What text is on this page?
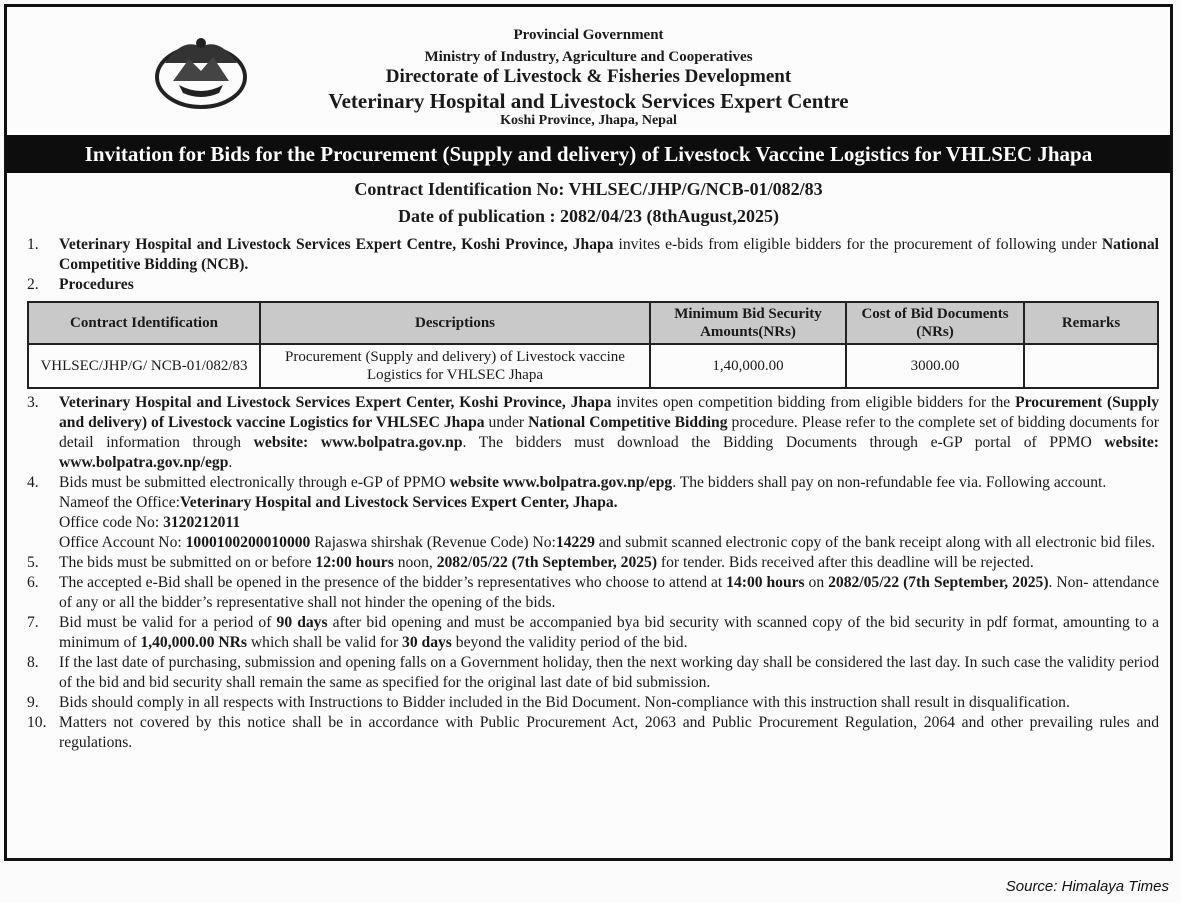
Provincial Government
Ministry of Industry, Agriculture and Cooperatives
Directorate of Livestock & Fisheries Development
Veterinary Hospital and Livestock Services Expert Centre
Koshi Province, Jhapa, Nepal
Invitation for Bids for the Procurement (Supply and delivery) of Livestock Vaccine Logistics for VHLSEC Jhapa
Contract Identification No: VHLSEC/JHP/G/NCB-01/082/83
Date of publication : 2082/04/23 (8thAugust,2025)
1.	Veterinary Hospital and Livestock Services Expert Centre, Koshi Province, Jhapa invites e-bids from eligible bidders for the procurement of following under National Competitive Bidding (NCB).
2.	Procedures
Contract Identification	Descriptions	Minimum Bid Security Amounts(NRs)	Cost of Bid Documents (NRs)	Remarks
VHLSEC/JHP/G/ NCB-01/082/83	Procurement (Supply and delivery) of Livestock vaccine Logistics for VHLSEC Jhapa	1,40,000.00	3000.00	
3.	Veterinary Hospital and Livestock Services Expert Center, Koshi Province, Jhapa invites open competition bidding from eligible bidders for the Procurement (Supply and delivery) of Livestock vaccine Logistics for VHLSEC Jhapa under National Competitive Bidding procedure. Please refer to the complete set of bidding documents for detail information through website: www.bolpatra.gov.np. The bidders must download the Bidding Documents through e-GP portal of PPMO website: www.bolpatra.gov.np/egp.
4.	Bids must be submitted electronically through e-GP of PPMO website www.bolpatra.gov.np/epg. The bidders shall pay on non-refundable fee via. Following account.
Nameof the Office:Veterinary Hospital and Livestock Services Expert Center, Jhapa.
Office code No: 3120212011
Office Account No: 1000100200010000 Rajaswa shirshak (Revenue Code) No:14229 and submit scanned electronic copy of the bank receipt along with all electronic bid files.
5.	The bids must be submitted on or before 12:00 hours noon, 2082/05/22 (7th September, 2025) for tender. Bids received after this deadline will be rejected.
6.	The accepted e-Bid shall be opened in the presence of the bidder’s representatives who choose to attend at 14:00 hours on 2082/05/22 (7th September, 2025). Non- attendance of any or all the bidder’s representative shall not hinder the opening of the bids.
7.	Bid must be valid for a period of 90 days after bid opening and must be accompanied bya bid security with scanned copy of the bid security in pdf format, amounting to a minimum of 1,40,000.00 NRs which shall be valid for 30 days beyond the validity period of the bid.
8.	If the last date of purchasing, submission and opening falls on a Government holiday, then the next working day shall be considered the last day. In such case the validity period of the bid and bid security shall remain the same as specified for the original last date of bid submission.
9.	Bids should comply in all respects with Instructions to Bidder included in the Bid Document. Non-compliance with this instruction shall result in disqualification.
10. Matters not covered by this notice shall be in accordance with Public Procurement Act, 2063 and Public Procurement Regulation, 2064 and other prevailing rules and regulations.
Source: Himalaya Times
